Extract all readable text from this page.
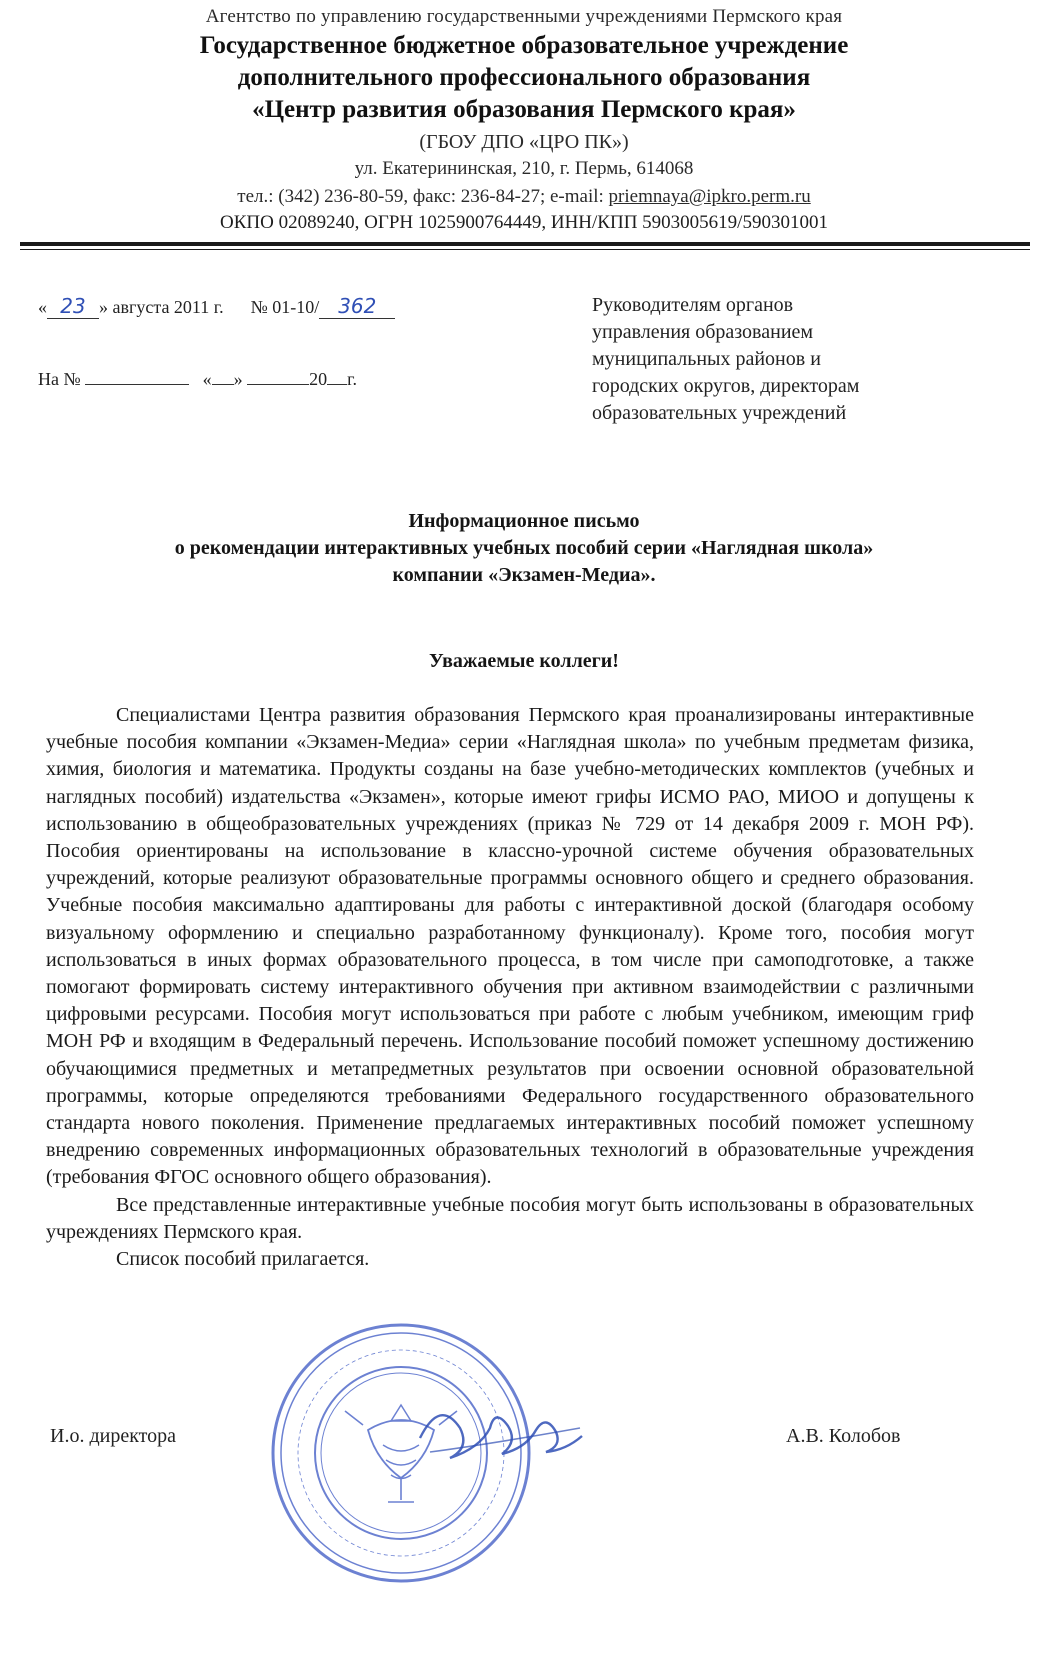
Агентство по управлению государственными учреждениями Пермского края
Государственное бюджетное образовательное учреждение
дополнительного профессионального образования
«Центр развития образования Пермского края»
(ГБОУ ДПО «ЦРО ПК»)
ул. Екатерининская, 210, г. Пермь, 614068
тел.: (342) 236-80-59, факс: 236-84-27; e-mail: priemnaya@ipkro.perm.ru
ОКПО 02089240, ОГРН 1025900764449, ИНН/КПП 5903005619/590301001
« 23 » августа 2011 г. № 01-10/ 362
На №	« »	20 г.
Руководителям органов
управления образованием
муниципальных районов и
городских округов, директорам
образовательных учреждений
Информационное письмо
о рекомендации интерактивных учебных пособий серии «Наглядная школа»
компании «Экзамен-Медиа».
Уважаемые коллеги!

Специалистами Центра развития образования Пермского края проанализированы интерактивные учебные пособия компании «Экзамен-Медиа» серии «Наглядная школа» по учебным предметам физика, химия, биология и математика. Продукты созданы на базе учебно-методических комплектов (учебных и наглядных пособий) издательства «Экзамен», которые имеют грифы ИСМО РАО, МИОО и допущены к использованию в общеобразовательных учреждениях (приказ № 729 от 14 декабря 2009 г. МОН РФ). Пособия ориентированы на использование в классно-урочной системе обучения образовательных учреждений, которые реализуют образовательные программы основного общего и среднего образования. Учебные пособия максимально адаптированы для работы с интерактивной доской (благодаря особому визуальному оформлению и специально разработанному функционалу). Кроме того, пособия могут использоваться в иных формах образовательного процесса, в том числе при самоподготовке, а также помогают формировать систему интерактивного обучения при активном взаимодействии с различными цифровыми ресурсами. Пособия могут использоваться при работе с любым учебником, имеющим гриф МОН РФ и входящим в Федеральный перечень. Использование пособий поможет успешному достижению обучающимися предметных и метапредметных результатов при освоении основной образовательной программы, которые определяются требованиями Федерального государственного образовательного стандарта нового поколения. Применение предлагаемых интерактивных пособий поможет успешному внедрению современных информационных образовательных технологий в образовательные учреждения (требования ФГОС основного общего образования).

Все представленные интерактивные учебные пособия могут быть использованы в образовательных учреждениях Пермского края.

Список пособий прилагается.

И.о. директора	А.В. Колобов
